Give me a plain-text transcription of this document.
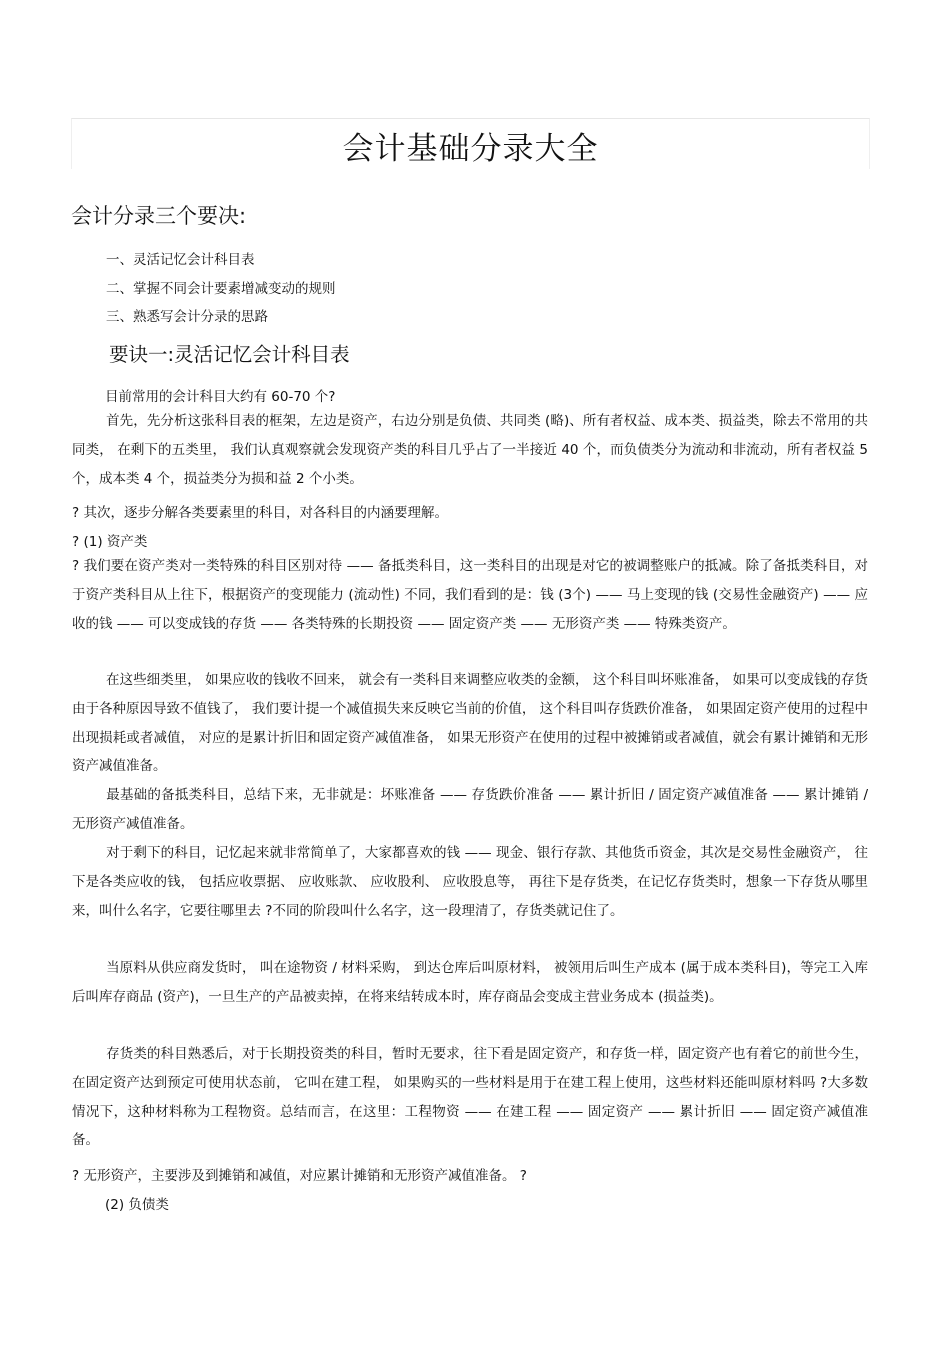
会计基础分录大全
会计分录三个要决:
一、灵活记忆会计科目表
二、掌握不同会计要素增减变动的规则
三、熟悉写会计分录的思路
要诀一:灵活记忆会计科目表
目前常用的会计科目大约有 60-70 个?

首先，先分析这张科目表的框架，左边是资产，右边分别是负债、共同类 (略)、所有者权益、成本类、损益类，除去不常用的共同类， 在剩下的五类里， 我们认真观察就会发现资产类的科目几乎占了一半接近 40 个，而负债类分为流动和非流动，所有者权益 5 个，成本类 4 个，损益类分为损和益 2 个小类。

? 其次，逐步分解各类要素里的科目，对各科目的内涵要理解。
? (1) 资产类

? 我们要在资产类对一类特殊的科目区别对待 —— 备抵类科目，这一类科目的出现是对它的被调整账户的抵减。除了备抵类科目，对于资产类科目从上往下，根据资产的变现能力 (流动性) 不同，我们看到的是：钱 (3个) —— 马上变现的钱 (交易性金融资产) —— 应收的钱 —— 可以变成钱的存货 —— 各类特殊的长期投资 —— 固定资产类 —— 无形资产类 —— 特殊类资产。

在这些细类里， 如果应收的钱收不回来， 就会有一类科目来调整应收类的金额， 这个科目叫坏账准备， 如果可以变成钱的存货由于各种原因导致不值钱了， 我们要计提一个减值损失来反映它当前的价值， 这个科目叫存货跌价准备， 如果固定资产使用的过程中出现损耗或者减值， 对应的是累计折旧和固定资产减值准备， 如果无形资产在使用的过程中被摊销或者减值，就会有累计摊销和无形资产减值准备。

最基础的备抵类科目，总结下来，无非就是：坏账准备 —— 存货跌价准备 —— 累计折旧 / 固定资产减值准备 —— 累计摊销 / 无形资产减值准备。

对于剩下的科目，记忆起来就非常简单了，大家都喜欢的钱 —— 现金、银行存款、其他货币资金，其次是交易性金融资产， 往下是各类应收的钱， 包括应收票据、 应收账款、 应收股利、 应收股息等， 再往下是存货类，在记忆存货类时，想象一下存货从哪里来，叫什么名字，它要往哪里去 ?不同的阶段叫什么名字，这一段理清了，存货类就记住了。

当原料从供应商发货时， 叫在途物资 / 材料采购， 到达仓库后叫原材料， 被领用后叫生产成本 (属于成本类科目)，等完工入库后叫库存商品 (资产)，一旦生产的产品被卖掉，在将来结转成本时，库存商品会变成主营业务成本 (损益类)。

存货类的科目熟悉后，对于长期投资类的科目，暂时无要求，往下看是固定资产，和存货一样，固定资产也有着它的前世今生， 在固定资产达到预定可使用状态前， 它叫在建工程， 如果购买的一些材料是用于在建工程上使用，这些材料还能叫原材料吗 ?大多数情况下，这种材料称为工程物资。总结而言，在这里：工程物资 —— 在建工程 —— 固定资产 —— 累计折旧 —— 固定资产减值准备。

? 无形资产，主要涉及到摊销和减值，对应累计摊销和无形资产减值准备。 ?
(2) 负债类
